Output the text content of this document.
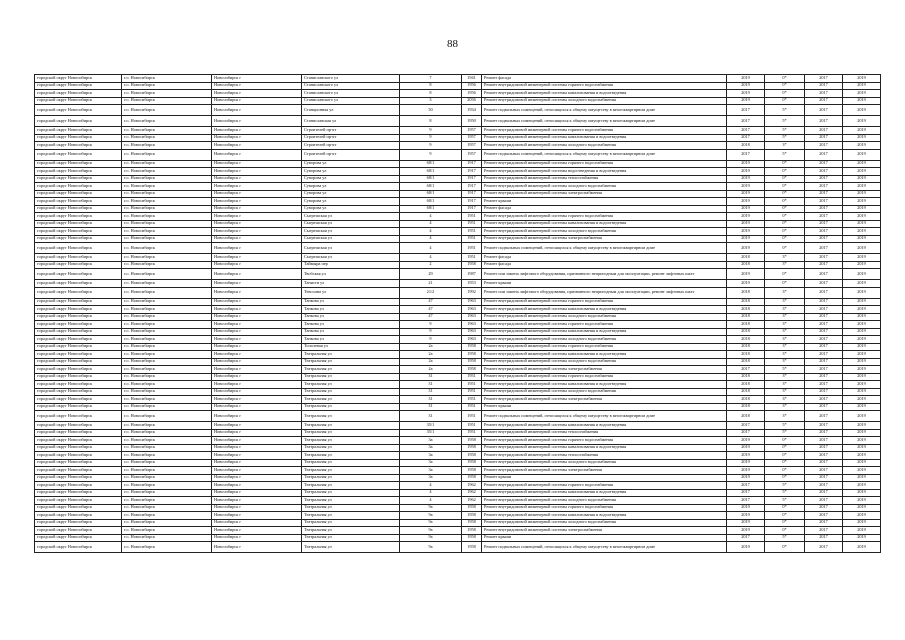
88
городской округ Новосибирск	г.о. Новосибирск	Новосибирск г	Станиславского ул	7	1941	Ремонт фасада	2019	0*	2017	2019
городской округ Новосибирск	г.о. Новосибирск	Новосибирск г	Станиславского ул	8	1956	Ремонт внутридомовой инженерной системы горячего водоснабжения	2019	0*	2017	2019
городской округ Новосибирск	г.о. Новосибирск	Новосибирск г	Станиславского ул	8	1956	Ремонт внутридомовой инженерной системы канализования и водоотведения	2019	0*	2017	2019
городской округ Новосибирск	г.о. Новосибирск	Новосибирск г	Станиславского ул	3	2056	Ремонт внутридомовой инженерной системы холодного водоснабжения	2019	0*	2017	2019
городской округ Новосибирск	г.о. Новосибирск	Новосибирск г	Станционная ул	50	1934	Ремонт подвальных помещений, относящихся к общему имуществу в многоквартирном доме	2017	5*	2017	2019
городской округ Новосибирск	г.о. Новосибирск	Новосибирск г	Станиславская ул	8	1950	Ремонт подвальных помещений, относящихся к общему имуществу в многоквартирном доме	2017	5*	2017	2019
городской округ Новосибирск	г.о. Новосибирск	Новосибирск г	Строителей пр-кт	9	1957	Ремонт внутридомовой инженерной системы горячего водоснабжения	2017	5*	2017	2019
городской округ Новосибирск	г.о. Новосибирск	Новосибирск г	Строителей пр-кт	9	1957	Ремонт внутридомовой инженерной системы канализования и водоотведения	2017	5*	2017	2019
городской округ Новосибирск	г.о. Новосибирск	Новосибирск г	Строителей пр-кт	9	1957	Ремонт внутридомовой инженерной системы холодного водоснабжения	2018	3*	2017	2019
городской округ Новосибирск	г.о. Новосибирск	Новосибирск г	Строителей пр-кт	9	1957	Ремонт подвальных помещений, относящихся к общему имуществу в многоквартирном доме	2017	5*	2017	2019
городской округ Новосибирск	г.о. Новосибирск	Новосибирск г	Суворова ул	68/1	1917	Ремонт внутридомовой инженерной системы горячего водоснабжения	2019	0*	2017	2019
городской округ Новосибирск	г.о. Новосибирск	Новосибирск г	Суворова ул	68/1	1917	Ремонт внутридомовой инженерной системы водоотведения и водоотведения	2019	0*	2017	2019
городской округ Новосибирск	г.о. Новосибирск	Новосибирск г	Суворова ул	68/1	1917	Ремонт внутридомовой инженерной системы теплоснабжения	2019	0*	2017	2019
городской округ Новосибирск	г.о. Новосибирск	Новосибирск г	Суворова ул	68/1	1917	Ремонт внутридомовой инженерной системы холодного водоснабжения	2019	0*	2017	2019
городской округ Новосибирск	г.о. Новосибирск	Новосибирск г	Суворова ул	68/1	1917	Ремонт внутридомовой инженерной системы электроснабжения	2019	0*	2017	2019
городской округ Новосибирск	г.о. Новосибирск	Новосибирск г	Суворова ул	68/1	1917	Ремонт крыши	2019	0*	2017	2019
городской округ Новосибирск	г.о. Новосибирск	Новосибирск г	Суворова ул	68/1	1917	Ремонт фасада	2019	0*	2017	2019
городской округ Новосибирск	г.о. Новосибирск	Новосибирск г	Сыгрешская ул	4	1951	Ремонт внутридомовой инженерной системы горячего водоснабжения	2019	0*	2017	2019
городской округ Новосибирск	г.о. Новосибирск	Новосибирск г	Сыгрешская ул	4	1951	Ремонт внутридомовой инженерной системы канализования и водоотведения	2019	0*	2017	2019
городской округ Новосибирск	г.о. Новосибирск	Новосибирск г	Сыгрешская ул	4	1951	Ремонт внутридомовой инженерной системы холодного водоснабжения	2019	0*	2017	2019
городской округ Новосибирск	г.о. Новосибирск	Новосибирск г	Сыгрешская ул	4	1951	Ремонт внутридомовой инженерной системы электроснабжения	2019	0*	2017	2019
городской округ Новосибирск	г.о. Новосибирск	Новосибирск г	Сыгрешская ул	4	1951	Ремонт подвальных помещений, относящихся к общему имуществу в многоквартирном доме	2019	0*	2017	2019
городской округ Новосибирск	г.о. Новосибирск	Новосибирск г	Сыгрешская ул	4	1951	Ремонт фасада	2018	3*	2017	2019
городской округ Новосибирск	г.о. Новосибирск	Новосибирск г	Таймыра пер	2	1958	Ремонт фасада	2018	3*	2017	2019
городской округ Новосибирск	г.о. Новосибирск	Новосибирск г	Твобская ул	29	1987	Ремонт или замена лифтового оборудования, признанного непригодным для эксплуатации, ремонт лифтовых шахт	2019	0*	2017	2019
городской округ Новосибирск	г.о. Новосибирск	Новосибирск г	Танисти ул	21	1953	Ремонт крыши	2019	0*	2017	2019
городской округ Новосибирск	г.о. Новосибирск	Новосибирск г	Тевосина ул	21/2	1992	Ремонт или замена лифтового оборудования, признанного непригодным для эксплуатации, ремонт лифтовых шахт	2018	3*	2017	2019
городской округ Новосибирск	г.о. Новосибирск	Новосибирск г	Танкова ул	47	1963	Ремонт внутридомовой инженерной системы горячего водоснабжения	2018	3*	2017	2019
городской округ Новосибирск	г.о. Новосибирск	Новосибирск г	Танкова ул	47	1963	Ремонт внутридомовой инженерной системы канализования и водоотведения	2018	3*	2017	2019
городской округ Новосибирск	г.о. Новосибирск	Новосибирск г	Танкова ул	47	1963	Ремонт внутридомовой инженерной системы холодного водоснабжения	2018	3*	2017	2019
городской округ Новосибирск	г.о. Новосибирск	Новосибирск г	Танкова ул	9	1963	Ремонт внутридомовой инженерной системы горячего водоснабжения	2018	3*	2017	2019
городской округ Новосибирск	г.о. Новосибирск	Новосибирск г	Танкова ул	9	1963	Ремонт внутридомовой инженерной системы канализования и водоотведения	2018	3*	2017	2019
городской округ Новосибирск	г.о. Новосибирск	Новосибирск г	Танкова ул	9	1963	Ремонт внутридомовой инженерной системы холодного водоснабжения	2018	3*	2017	2019
городской округ Новосибирск	г.о. Новосибирск	Новосибирск г	Тополевая ул	2а	1958	Ремонт внутридомовой инженерной системы горячего водоснабжения	2018	3*	2017	2019
городской округ Новосибирск	г.о. Новосибирск	Новосибирск г	Театральная ул	2а	1958	Ремонт внутридомовой инженерной системы канализования и водоотведения	2018	3*	2017	2019
городской округ Новосибирск	г.о. Новосибирск	Новосибирск г	Театральная ул	2а	1958	Ремонт внутридомовой инженерной системы холодного водоснабжения	2018	3*	2017	2019
городской округ Новосибирск	г.о. Новосибирск	Новосибирск г	Театральная ул	2а	1958	Ремонт внутридомовой инженерной системы электроснабжения	2017	5*	2017	2019
городской округ Новосибирск	г.о. Новосибирск	Новосибирск г	Театральная ул	31	1951	Ремонт внутридомовой инженерной системы горячего водоснабжения	2018	3*	2017	2019
городской округ Новосибирск	г.о. Новосибирск	Новосибирск г	Театральная ул	31	1951	Ремонт внутридомовой инженерной системы канализования и водоотведения	2018	3*	2017	2019
городской округ Новосибирск	г.о. Новосибирск	Новосибирск г	Театральная ул	31	1951	Ремонт внутридомовой инженерной системы холодного водоснабжения	2018	3*	2017	2019
городской округ Новосибирск	г.о. Новосибирск	Новосибирск г	Театральная ул	31	1951	Ремонт внутридомовой инженерной системы электроснабжения	2018	3*	2017	2019
городской округ Новосибирск	г.о. Новосибирск	Новосибирск г	Театральная ул	31	1951	Ремонт крыши	2018	3*	2017	2019
городской округ Новосибирск	г.о. Новосибирск	Новосибирск г	Театральная ул	31	1951	Ремонт подвальных помещений, относящихся к общему имуществу в многоквартирном доме	2018	3*	2017	2019
городской округ Новосибирск	г.о. Новосибирск	Новосибирск г	Театральная ул	35/1	1951	Ремонт внутридомовой инженерной системы канализования и водоотведения	2017	5*	2017	2019
городской округ Новосибирск	г.о. Новосибирск	Новосибирск г	Театральная ул	35/1	1951	Ремонт внутридомовой инженерной системы теплоснабжения	2017	5*	2017	2019
городской округ Новосибирск	г.о. Новосибирск	Новосибирск г	Театральная ул	3а	1958	Ремонт внутридомовой инженерной системы горячего водоснабжения	2019	0*	2017	2019
городской округ Новосибирск	г.о. Новосибирск	Новосибирск г	Театральная ул	3а	1958	Ремонт внутридомовой инженерной системы канализования и водоотведения	2019	0*	2017	2019
городской округ Новосибирск	г.о. Новосибирск	Новосибирск г	Театральная ул	3а	1958	Ремонт внутридомовой инженерной системы теплоснабжения	2019	0*	2017	2019
городской округ Новосибирск	г.о. Новосибирск	Новосибирск г	Театральная ул	3а	1958	Ремонт внутридомовой инженерной системы холодного водоснабжения	2019	0*	2017	2019
городской округ Новосибирск	г.о. Новосибирск	Новосибирск г	Театральная ул	3а	1958	Ремонт внутридомовой инженерной системы электроснабжения	2019	0*	2017	2019
городской округ Новосибирск	г.о. Новосибирск	Новосибирск г	Театральная ул	3а	1958	Ремонт крыши	2019	0*	2017	2019
городской округ Новосибирск	г.о. Новосибирск	Новосибирск г	Театральная ул	4	1962	Ремонт внутридомовой инженерной системы горячего водоснабжения	2017	5*	2017	2019
городской округ Новосибирск	г.о. Новосибирск	Новосибирск г	Театральная ул	4	1962	Ремонт внутридомовой инженерной системы канализования и водоотведения	2017	5*	2017	2019
городской округ Новосибирск	г.о. Новосибирск	Новосибирск г	Театральная ул	4	1962	Ремонт внутридомовой инженерной системы холодного водоснабжения	2017	5*	2017	2019
городской округ Новосибирск	г.о. Новосибирск	Новосибирск г	Театральная ул	9а	1958	Ремонт внутридомовой инженерной системы горячего водоснабжения	2019	0*	2017	2019
городской округ Новосибирск	г.о. Новосибирск	Новосибирск г	Театральная ул	9а	1958	Ремонт внутридомовой инженерной системы канализования и водоотведения	2019	0*	2017	2019
городской округ Новосибирск	г.о. Новосибирск	Новосибирск г	Театральная ул	9а	1958	Ремонт внутридомовой инженерной системы холодного водоснабжения	2019	0*	2017	2019
городской округ Новосибирск	г.о. Новосибирск	Новосибирск г	Театральная ул	9а	1958	Ремонт внутридомовой инженерной системы электроснабжения	2019	0*	2017	2019
городской округ Новосибирск	г.о. Новосибирск	Новосибирск г	Театральная ул	9а	1958	Ремонт крыши	2017	5*	2017	2019
городской округ Новосибирск	г.о. Новосибирск	Новосибирск г	Театральная ул	9а	1958	Ремонт подвальных помещений, относящихся к общему имуществу в многоквартирном доме	2019	0*	2017	2019
